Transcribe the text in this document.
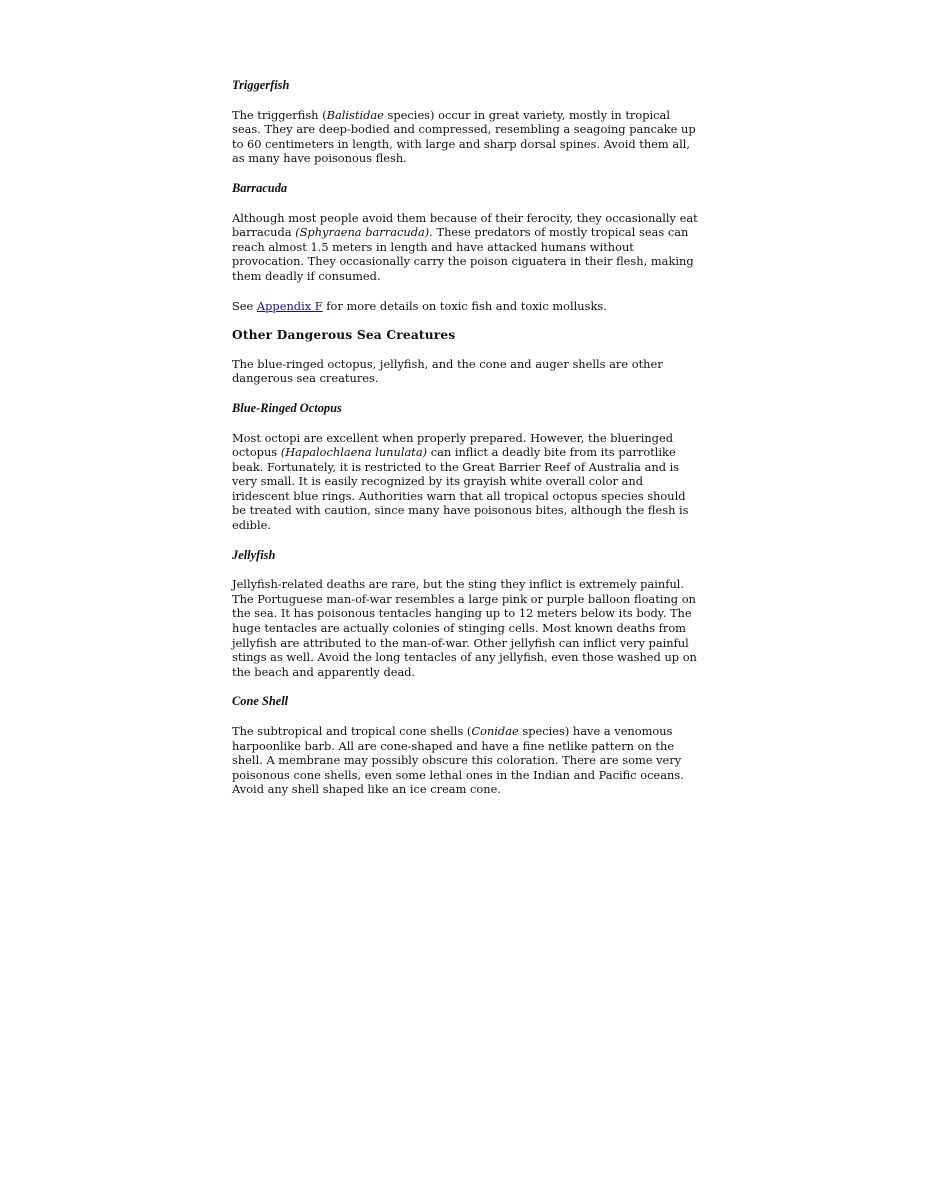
Triggerfish

The triggerfish (Balistidae species) occur in great variety, mostly in tropical seas. They are deep-bodied and compressed, resembling a seagoing pancake up to 60 centimeters in length, with large and sharp dorsal spines. Avoid them all, as many have poisonous flesh.

Barracuda

Although most people avoid them because of their ferocity, they occasionally eat barracuda (Sphyraena barracuda). These predators of mostly tropical seas can reach almost 1.5 meters in length and have attacked humans without provocation. They occasionally carry the poison ciguatera in their flesh, making them deadly if consumed.

See Appendix F for more details on toxic fish and toxic mollusks.

Other Dangerous Sea Creatures

The blue-ringed octopus, jellyfish, and the cone and auger shells are other dangerous sea creatures.

Blue-Ringed Octopus

Most octopi are excellent when properly prepared. However, the blueringed octopus (Hapalochlaena lunulata) can inflict a deadly bite from its parrotlike beak. Fortunately, it is restricted to the Great Barrier Reef of Australia and is very small. It is easily recognized by its grayish white overall color and iridescent blue rings. Authorities warn that all tropical octopus species should be treated with caution, since many have poisonous bites, although the flesh is edible.

Jellyfish

Jellyfish-related deaths are rare, but the sting they inflict is extremely painful. The Portuguese man-of-war resembles a large pink or purple balloon floating on the sea. It has poisonous tentacles hanging up to 12 meters below its body. The huge tentacles are actually colonies of stinging cells. Most known deaths from jellyfish are attributed to the man-of-war. Other jellyfish can inflict very painful stings as well. Avoid the long tentacles of any jellyfish, even those washed up on the beach and apparently dead.

Cone Shell

The subtropical and tropical cone shells (Conidae species) have a venomous harpoonlike barb. All are cone-shaped and have a fine netlike pattern on the shell. A membrane may possibly obscure this coloration. There are some very poisonous cone shells, even some lethal ones in the Indian and Pacific oceans. Avoid any shell shaped like an ice cream cone.
